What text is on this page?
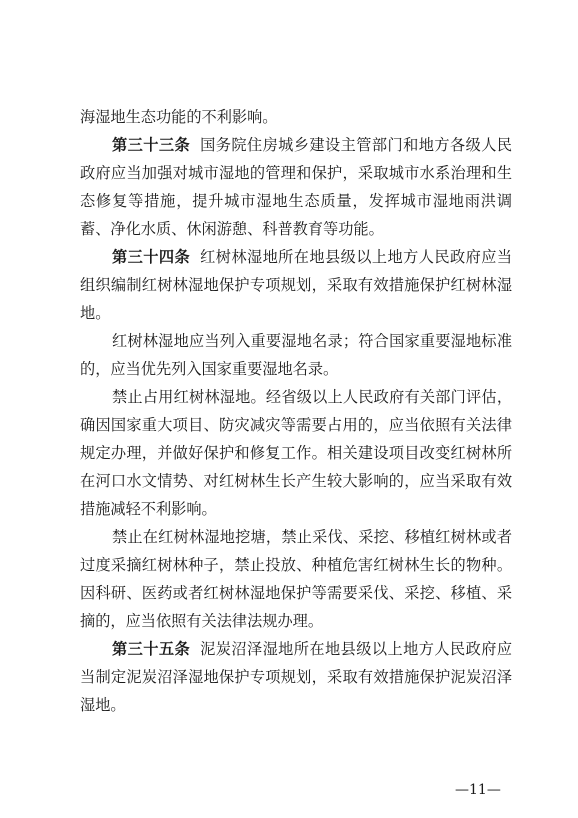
海湿地生态功能的不利影响。

第三十三条 国务院住房城乡建设主管部门和地方各级人民政府应当加强对城市湿地的管理和保护，采取城市水系治理和生态修复等措施，提升城市湿地生态质量，发挥城市湿地雨洪调蓄、净化水质、休闲游憩、科普教育等功能。

第三十四条 红树林湿地所在地县级以上地方人民政府应当组织编制红树林湿地保护专项规划，采取有效措施保护红树林湿地。

红树林湿地应当列入重要湿地名录；符合国家重要湿地标准的，应当优先列入国家重要湿地名录。

禁止占用红树林湿地。经省级以上人民政府有关部门评估，确因国家重大项目、防灾减灾等需要占用的，应当依照有关法律规定办理，并做好保护和修复工作。相关建设项目改变红树林所在河口水文情势、对红树林生长产生较大影响的，应当采取有效措施减轻不利影响。

禁止在红树林湿地挖塘，禁止采伐、采挖、移植红树林或者过度采摘红树林种子，禁止投放、种植危害红树林生长的物种。因科研、医药或者红树林湿地保护等需要采伐、采挖、移植、采摘的，应当依照有关法律法规办理。

第三十五条 泥炭沼泽湿地所在地县级以上地方人民政府应当制定泥炭沼泽湿地保护专项规划，采取有效措施保护泥炭沼泽湿地。

—11—
